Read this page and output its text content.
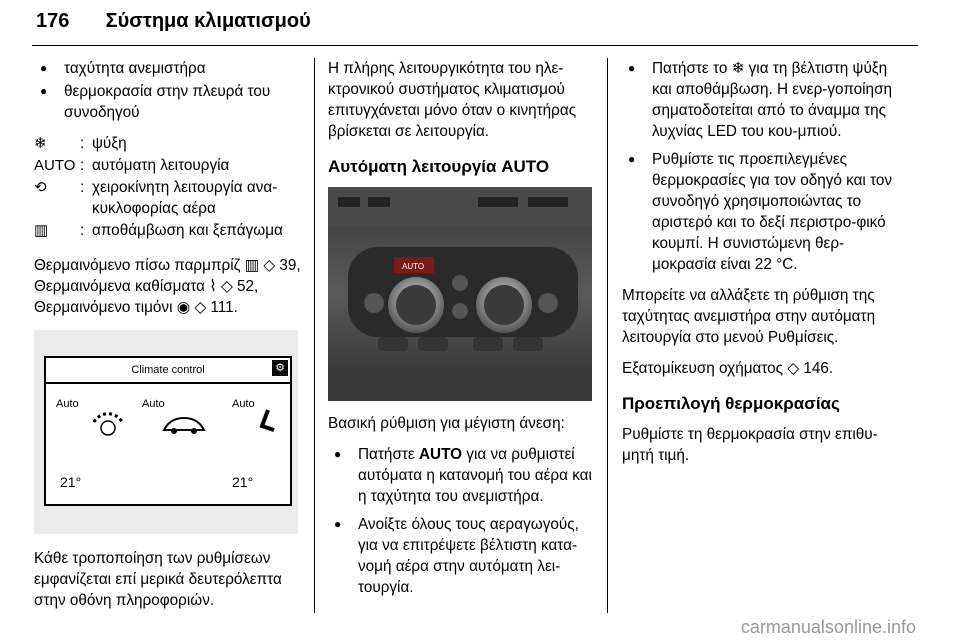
176 Σύστημα κλιματισμού
● ταχύτητα ανεμιστήρα
● θερμοκρασία στην πλευρά του συνοδηγού
❄	: ψύξη
AUTO : αυτόματη λειτουργία
⟲	: χειροκίνητη λειτουργία ανα-κυκλοφορίας αέρα
▥	: αποθάμβωση και ξεπάγωμα

Θερμαινόμενο πίσω παρμπρίζ ▥ ◇ 39, Θερμαινόμενα καθίσματα ⌇ ◇ 52, Θερμαινόμενο τιμόνι ◉ ◇ 111.

Climate control	⚙
Auto	Auto	Auto
21°	21°

Κάθε τροποποίηση των ρυθμίσεων εμφανίζεται επί μερικά δευτερόλεπτα στην οθόνη πληροφοριών.

Η πλήρης λειτουργικότητα του ηλε-κτρονικού συστήματος κλιματισμού επιτυγχάνεται μόνο όταν ο κινητήρας βρίσκεται σε λειτουργία.

Αυτόματη λειτουργία AUTO
AUTO

Βασική ρύθμιση για μέγιστη άνεση:

● Πατήστε AUTO για να ρυθμιστεί αυτόματα η κατανομή του αέρα και η ταχύτητα του ανεμιστήρα.
● Ανοίξτε όλους τους αεραγωγούς, για να επιτρέψετε βέλτιστη κατα-νομή αέρα στην αυτόματη λει-τουργία.
● Πατήστε το ❄ για τη βέλτιστη ψύξη και αποθάμβωση. Η ενερ-γοποίηση σηματοδοτείται από το άναμμα της λυχνίας LED του κου-μπιού.
● Ρυθμίστε τις προεπιλεγμένες θερμοκρασίες για τον οδηγό και τον συνοδηγό χρησιμοποιώντας το αριστερό και το δεξί περιστρο-φικό κουμπί. Η συνιστώμενη θερ-μοκρασία είναι 22 °C.

Μπορείτε να αλλάξετε τη ρύθμιση της ταχύτητας ανεμιστήρα στην αυτόματη λειτουργία στο μενού Ρυθμίσεις.

Εξατομίκευση οχήματος ◇ 146.

Προεπιλογή θερμοκρασίας

Ρυθμίστε τη θερμοκρασία στην επιθυ-μητή τιμή.

carmanualsonline.info
